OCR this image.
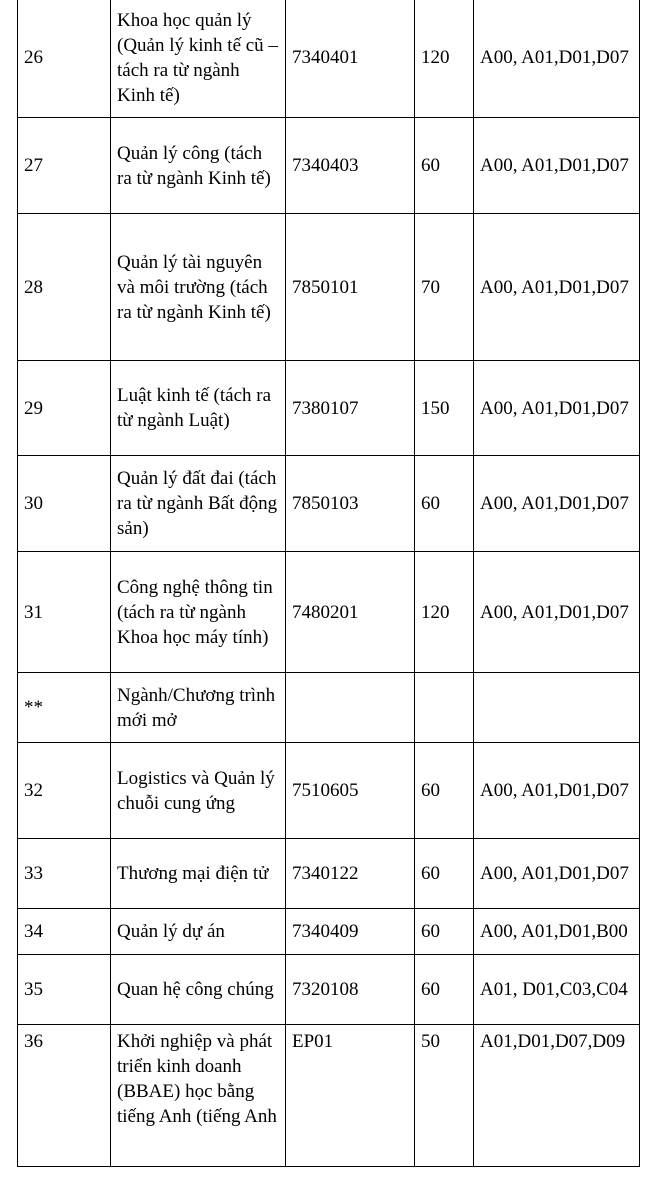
26	Khoa học quản lý (Quản lý kinh tế cũ – tách ra từ ngành Kinh tế)	7340401	120	A00, A01,D01,D07
27	Quản lý công (tách ra từ ngành Kinh tế)	7340403	60	A00, A01,D01,D07
28	Quản lý tài nguyên và môi trường (tách ra từ ngành Kinh tế)	7850101	70	A00, A01,D01,D07
29	Luật kinh tế (tách ra từ ngành Luật)	7380107	150	A00, A01,D01,D07
30	Quản lý đất đai (tách ra từ ngành Bất động sản)	7850103	60	A00, A01,D01,D07
31	Công nghệ thông tin (tách ra từ ngành Khoa học máy tính)	7480201	120	A00, A01,D01,D07
**	Ngành/Chương trình mới mở			
32	Logistics và Quản lý chuỗi cung ứng	7510605	60	A00, A01,D01,D07
33	Thương mại điện tử	7340122	60	A00, A01,D01,D07
34	Quản lý dự án	7340409	60	A00, A01,D01,B00
35	Quan hệ công chúng	7320108	60	A01, D01,C03,C04
36	Khởi nghiệp và phát triển kinh doanh (BBAE) học bằng tiếng Anh (tiếng Anh	EP01	50	A01,D01,D07,D09
